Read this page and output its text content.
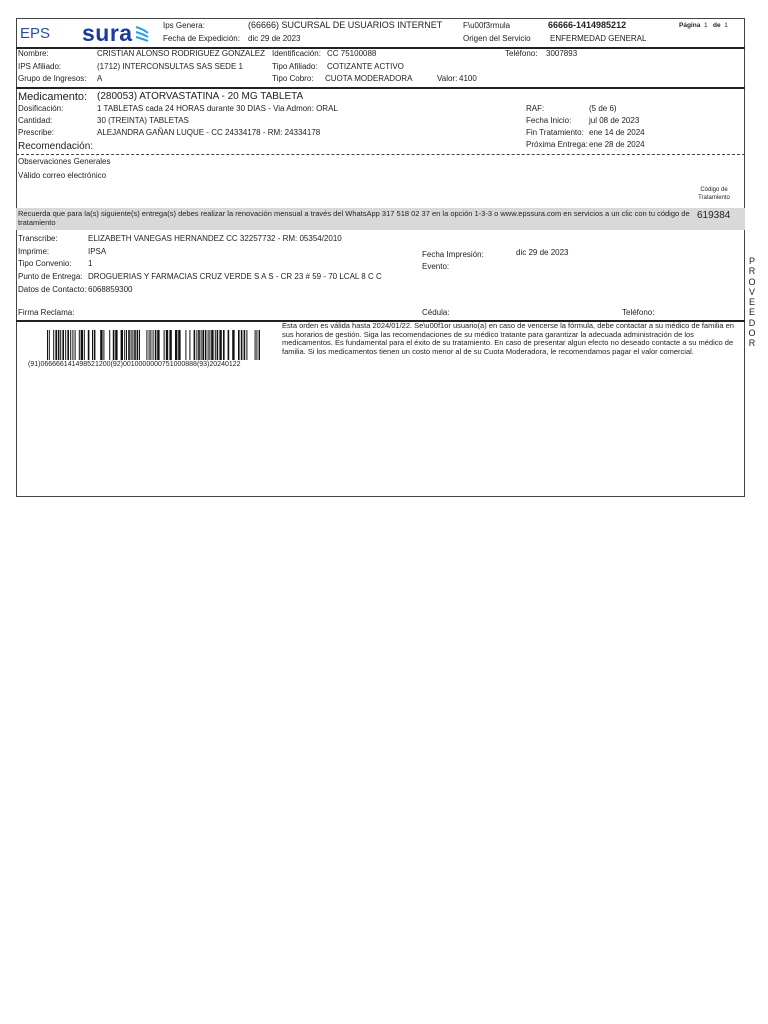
EPS sura	Ips Genera:	(66666) SUCURSAL DE USUARIOS INTERNET
Fecha de Expedición: dic 29 de 2023
F\u00f3rmula	66666-1414985212
Origen del Servicio ENFERMEDAD GENERAL
Página 1 de 1
Nombre:	CRISTIAN ALONSO RODRIGUEZ GONZALEZ Identificación: CC 75100088	Teléfono: 3007893
IPS Afiliado:	(1712) INTERCONSULTAS SAS SEDE 1	Tipo Afiliado: COTIZANTE ACTIVO
Grupo de Ingresos: A	Tipo Cobro: CUOTA MODERADORA	Valor: 4100
Medicamento: (280053) ATORVASTATINA - 20 MG TABLETA
Dosificación:	1 TABLETAS cada 24 HORAS durante 30 DIAS - Via Admon: ORAL
Cantidad:	30 (TREINTA) TABLETAS
Prescribe:	ALEJANDRA GAÑAN LUQUE - CC 24334178 - RM: 24334178
Recomendación:
RAF:	(5 de 6)
Fecha Inicio: jul 08 de 2023
Fin Tratamiento: ene 14 de 2024
Próxima Entrega: ene 28 de 2024
Observaciones Generales
Válido correo electrónico
Código de
Tratamiento
Recuerda que para la(s) siguiente(s) entrega(s) debes realizar la renovación mensual a través del WhatsApp 317 518 02 37 en la opción 1-3-3 o www.epssura.com en servicios a un clic con tu código de tratamiento
619384
Transcribe:	ELIZABETH VANEGAS HERNANDEZ CC 32257732 - RM: 05354/2010
Imprime:	IPSA
Tipo Convenio: 1
Punto de Entrega: DROGUERIAS Y FARMACIAS CRUZ VERDE S A S - CR 23 # 59 - 70 LCAL 8 C C
Datos de Contacto: 6068859300
Fecha Impresión:	dic 29 de 2023
Evento:
Firma Reclama:	Cédula:	Teléfono:
P
R
O
V
E
E
D
O
R
(91)066666141498521200(92)0010000000751000888(93)20240122
Esta orden es válida hasta 2024/01/22. Se\u00f1or usuario(a) en caso de vencerse la fórmula, debe contactar a su médico de familia en sus horarios de gestión. Siga las recomendaciones de su médico tratante para garantizar la adecuada administración de los medicamentos. Es fundamental para el éxito de su tratamiento. En caso de presentar algun efecto no deseado contacte a su médico de familia. Si los medicamentos tienen un costo menor al de su Cuota Moderadora, le recomendamos pagar el valor comercial.
